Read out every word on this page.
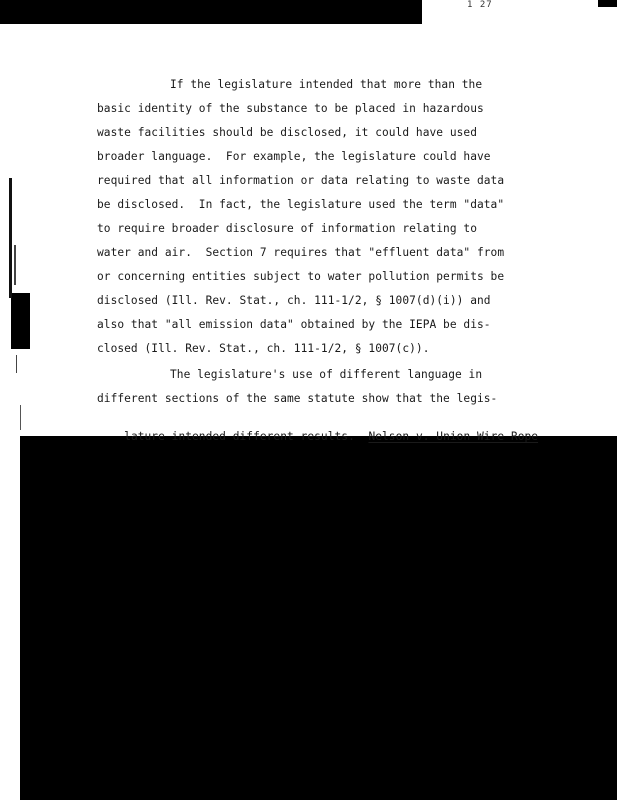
1 27
If the legislature intended that more than the
basic identity of the substance to be placed in hazardous
waste facilities should be disclosed, it could have used
broader language.  For example, the legislature could have
required that all information or data relating to waste data
be disclosed.  In fact, the legislature used the term "data"
to require broader disclosure of information relating to
water and air.  Section 7 requires that "effluent data" from
or concerning entities subject to water pollution permits be
disclosed (Ill. Rev. Stat., ch. 111-1/2, § 1007(d)(i)) and
also that "all emission data" obtained by the IEPA be dis-
closed (Ill. Rev. Stat., ch. 111-1/2, § 1007(c)).
The legislature's use of different language in
different sections of the same statute show that the legis-

lature intended different results. Nelson v. Union Wire Rope
